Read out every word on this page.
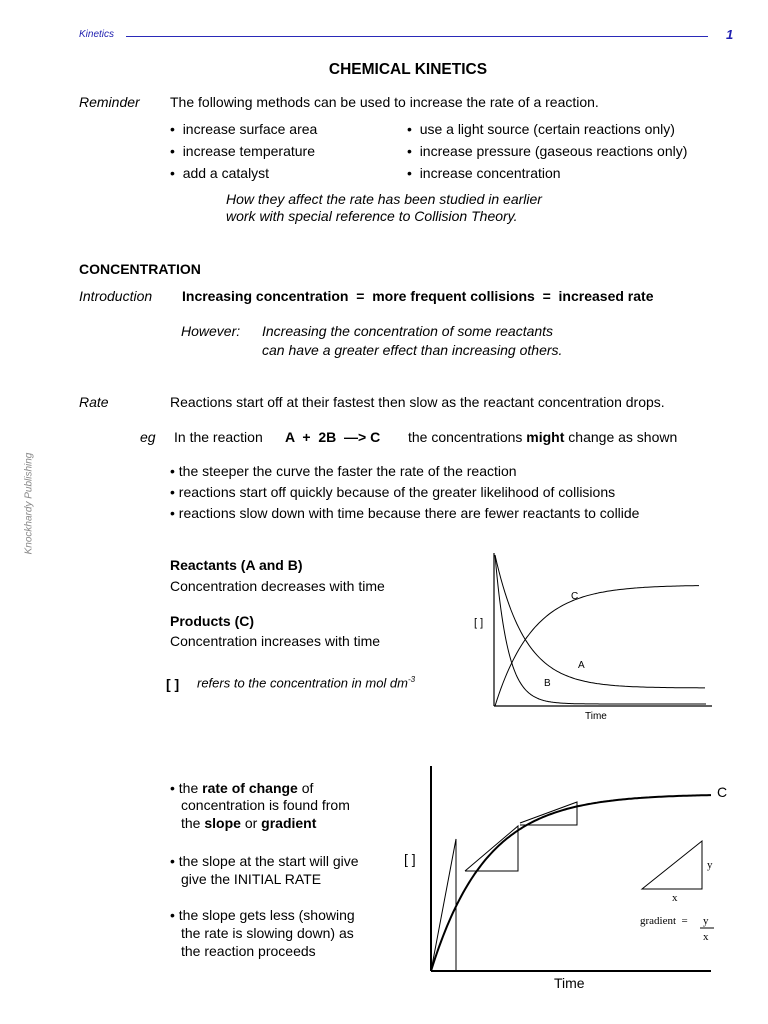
Kinetics	1
Knockhardy Publishing
CHEMICAL KINETICS
Reminder The following methods can be used to increase the rate of a reaction.
•  increase surface area
•  increase temperature
•  add a catalyst
•  use a light source (certain reactions only)
•  increase pressure (gaseous reactions only)
•  increase concentration
How they affect the rate has been studied in earlier
work with special reference to Collision Theory.
CONCENTRATION
Introduction Increasing concentration  =  more frequent collisions  =  increased rate
However: Increasing the concentration of some reactants
can have a greater effect than increasing others.
Rate	Reactions start off at their fastest then slow as the reactant concentration drops.
eg In the reaction A  +  2B  —> C the concentrations might change as shown
• the steeper the curve the faster the rate of the reaction
• reactions start off quickly because of the greater likelihood of collisions
• reactions slow down with time because there are fewer reactants to collide
Reactants (A and B)
Concentration decreases with time
Products (C)
Concentration increases with time
[ ] refers to the concentration in mol $dm^{-3}$
C
A
B
[ ]
Time
• the rate of change of
concentration is found from
the slope or gradient
• the slope at the start will give
give the INITIAL RATE
• the slope gets less (showing
the rate is slowing down) as
the reaction proceeds
C
[ ]
Time
y
x
gradient  = y
x
